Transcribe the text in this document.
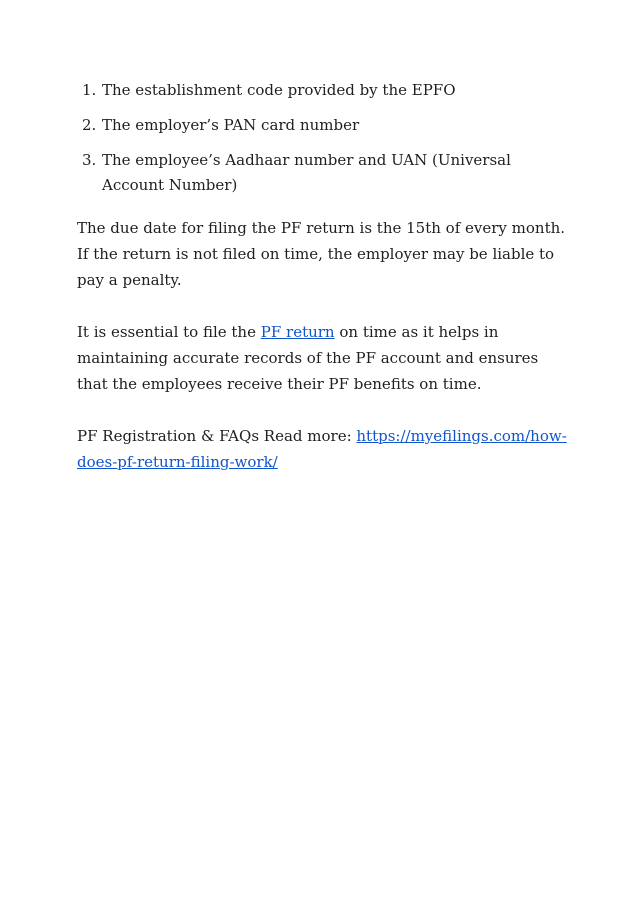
1. The establishment code provided by the EPFO
2. The employer’s PAN card number
3. The employee’s Aadhaar number and UAN (Universal Account Number)

The due date for filing the PF return is the 15th of every month. If the return is not filed on time, the employer may be liable to pay a penalty.

It is essential to file the PF return on time as it helps in maintaining accurate records of the PF account and ensures that the employees receive their PF benefits on time.

PF Registration & FAQs Read more: https://myefilings.com/how-does-pf-return-filing-work/
